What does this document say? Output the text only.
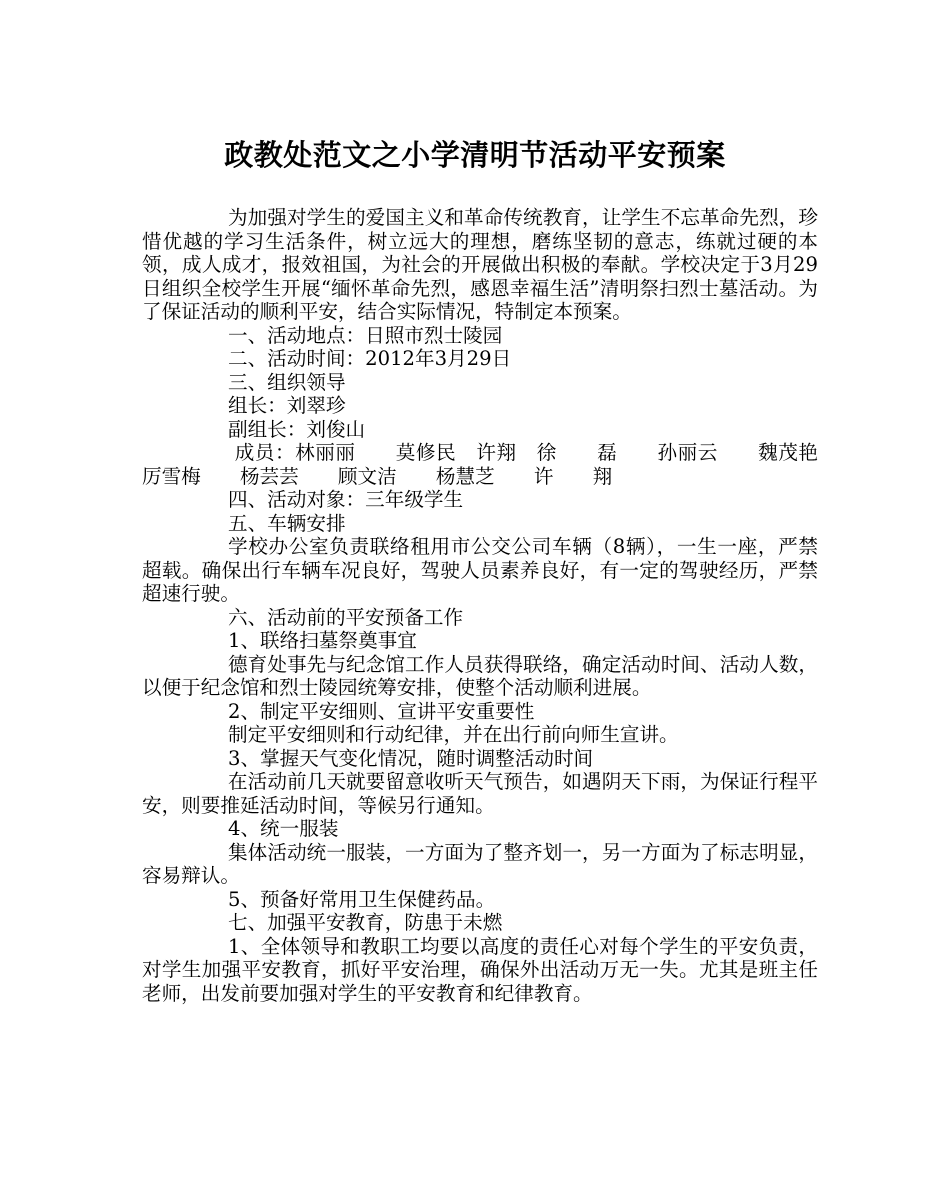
政教处范文之小学清明节活动平安预案

为加强对学生的爱国主义和革命传统教育，让学生不忘革命先烈，珍惜优越的学习生活条件，树立远大的理想，磨练坚韧的意志，练就过硬的本领，成人成才，报效祖国，为社会的开展做出积极的奉献。学校决定于3月29日组织全校学生开展“缅怀革命先烈，感恩幸福生活”清明祭扫烈士墓活动。为了保证活动的顺利平安，结合实际情况，特制定本预案。

一、活动地点：日照市烈士陵园

二、活动时间：2012年3月29日

三、组织领导

组长：刘翠珍

副组长：刘俊山

成员：林丽丽　　莫修民　许翔　徐　　磊　　孙丽云　　魏茂艳　　厉雪梅　　杨芸芸　　顾文洁　　杨慧芝　　许　　翔

四、活动对象：三年级学生

五、车辆安排

学校办公室负责联络租用市公交公司车辆（8辆），一生一座，严禁超载。确保出行车辆车况良好，驾驶人员素养良好，有一定的驾驶经历，严禁超速行驶。

六、活动前的平安预备工作

1、联络扫墓祭奠事宜

德育处事先与纪念馆工作人员获得联络，确定活动时间、活动人数，以便于纪念馆和烈士陵园统筹安排，使整个活动顺利进展。

2、制定平安细则、宣讲平安重要性

制定平安细则和行动纪律，并在出行前向师生宣讲。

3、掌握天气变化情况，随时调整活动时间

在活动前几天就要留意收听天气预告，如遇阴天下雨，为保证行程平安，则要推延活动时间，等候另行通知。

4、统一服装

集体活动统一服装，一方面为了整齐划一，另一方面为了标志明显，容易辩认。

5、预备好常用卫生保健药品。

七、加强平安教育，防患于未燃

1、全体领导和教职工均要以高度的责任心对每个学生的平安负责，对学生加强平安教育，抓好平安治理，确保外出活动万无一失。尤其是班主任老师，出发前要加强对学生的平安教育和纪律教育。
